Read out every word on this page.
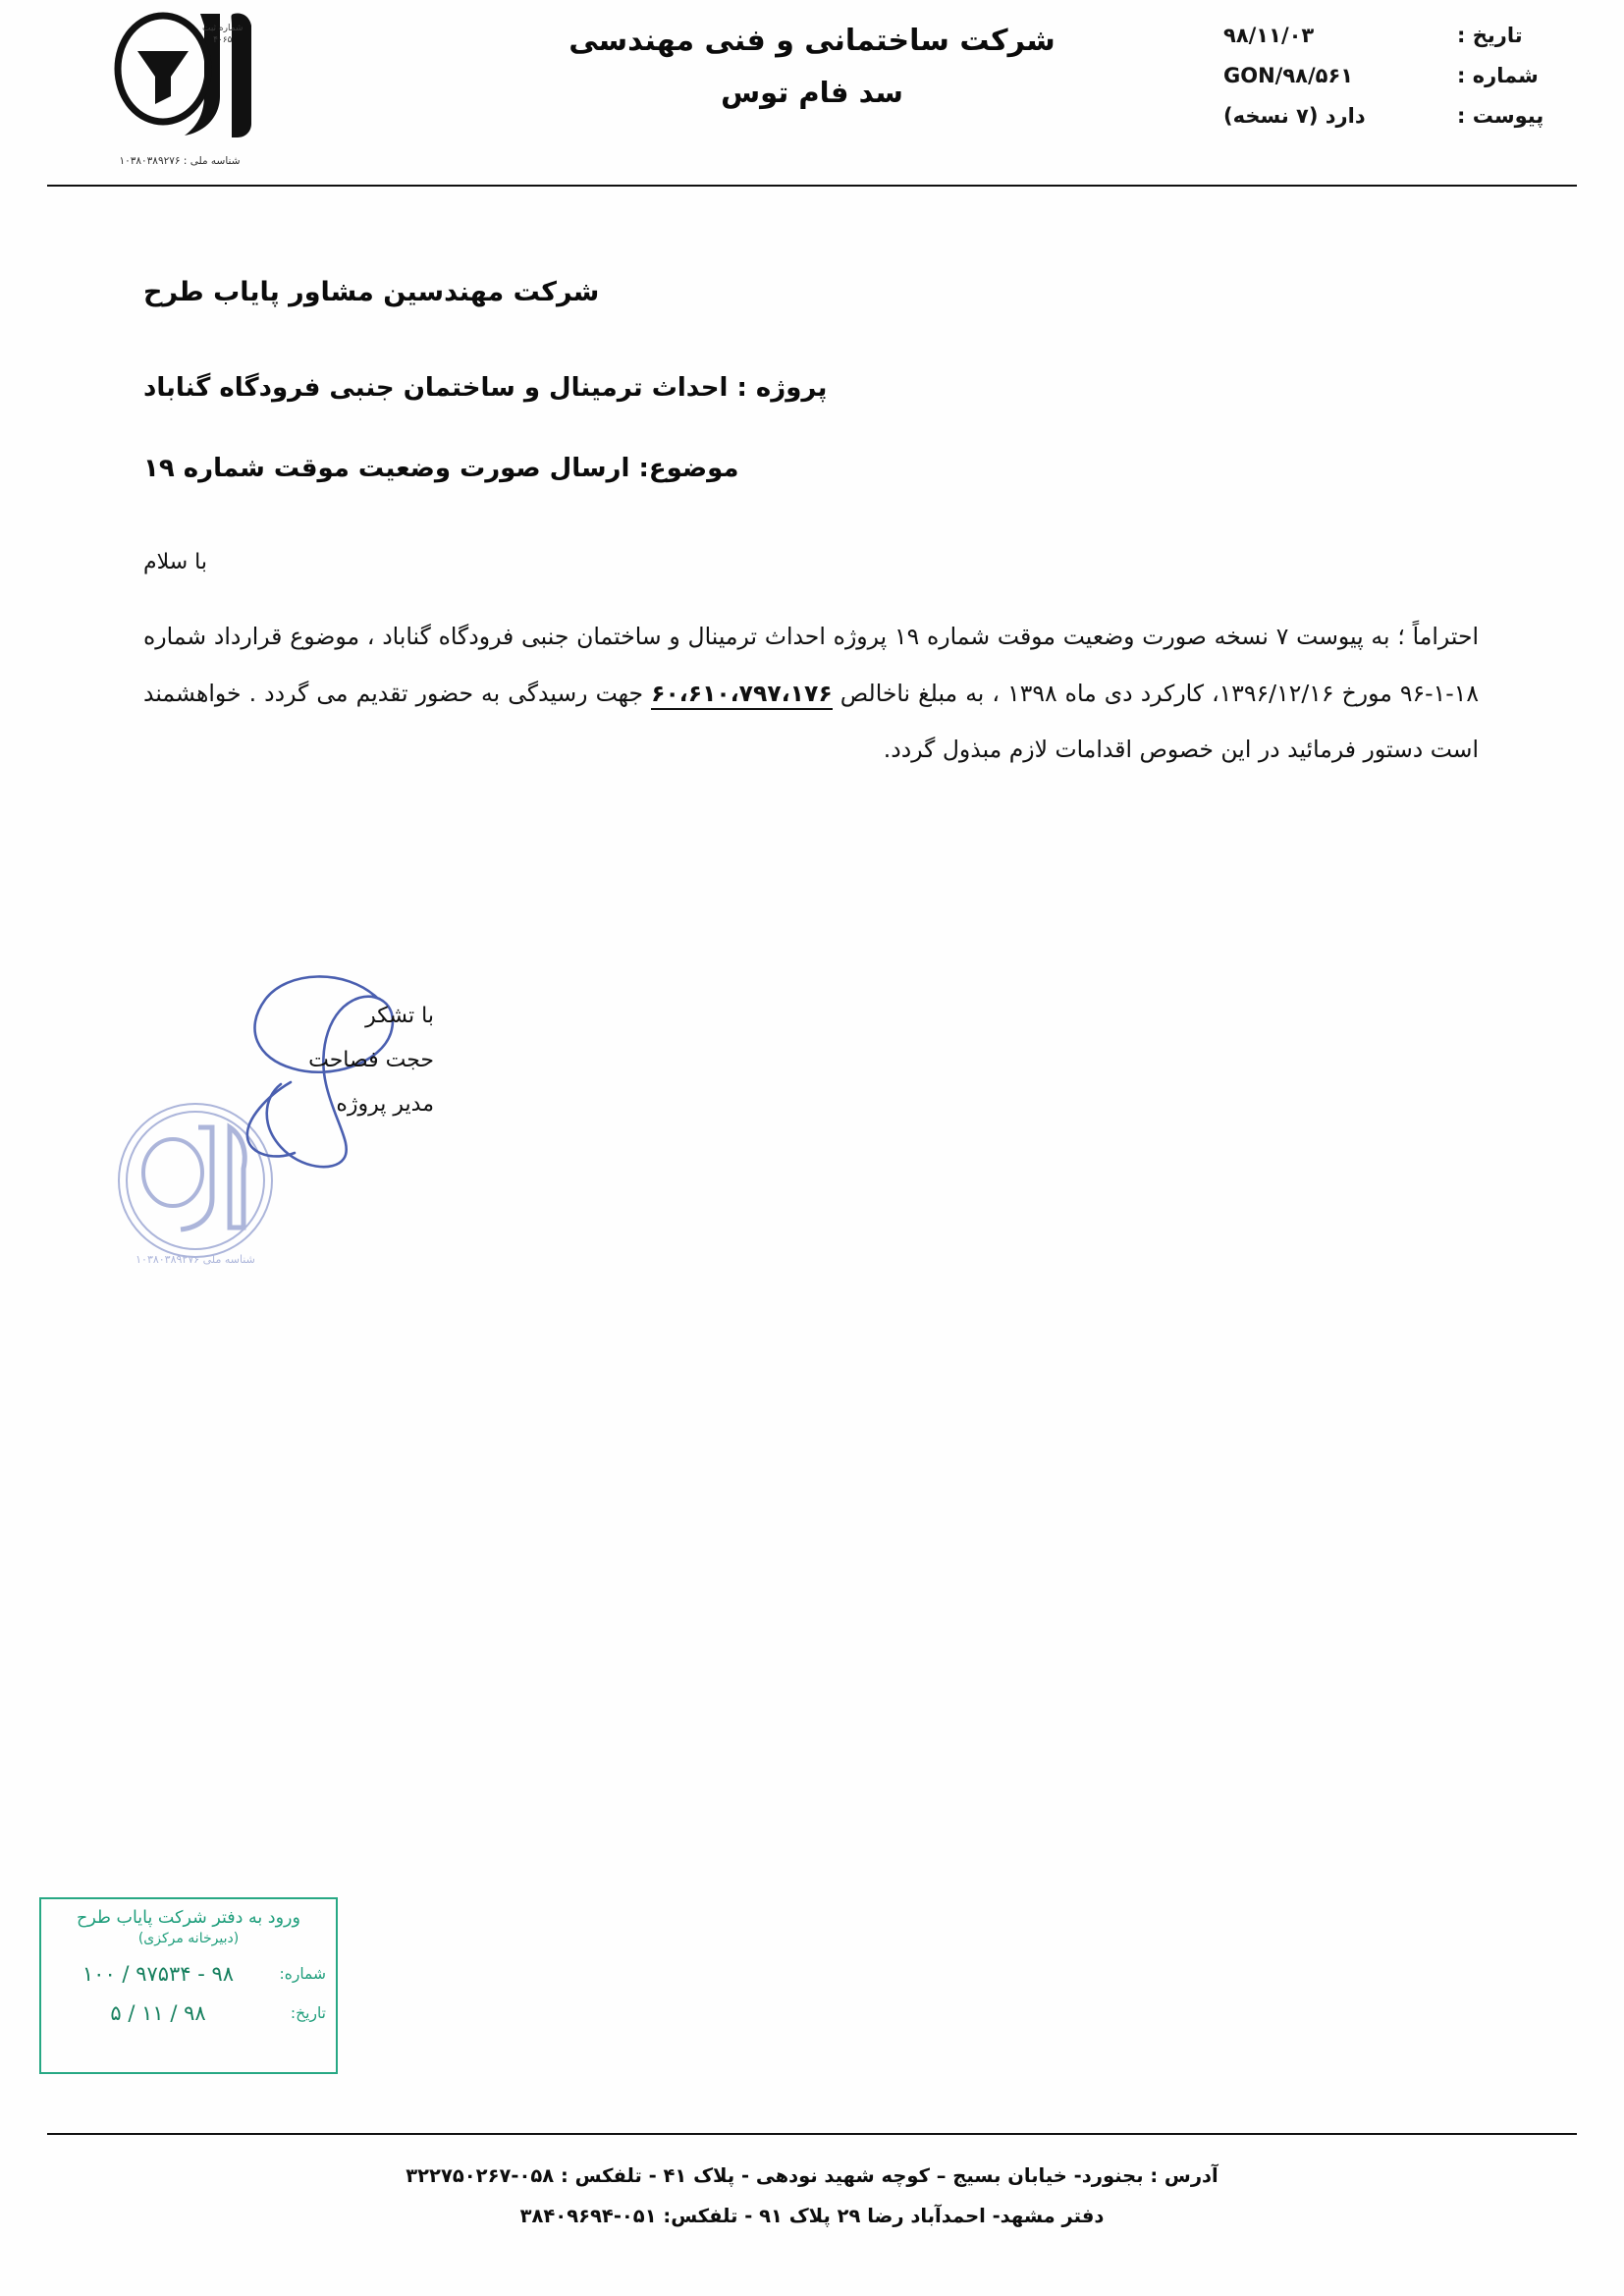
تاریخ :
۹۸/۱۱/۰۳
شماره :
GON/۹۸/۵۶۱
پیوست :
دارد (۷ نسخه)
شرکت ساختمانی و فنی مهندسی
سد فام توس
شماره ثبت
۴۰۶۵
شناسه ملی : ۱۰۳۸۰۳۸۹۲۷۶
شرکت مهندسین مشاور پایاب طرح
پروژه : احداث ترمینال و ساختمان جنبی فرودگاه گناباد
موضوع: ارسال صورت وضعیت موقت شماره ۱۹
با سلام
احتراماً ؛ به پیوست ۷ نسخه صورت وضعیت موقت شماره ۱۹ پروژه احداث ترمینال و ساختمان جنبی فرودگاه گناباد ، موضوع قرارداد شماره ۱۸-۱-۹۶ مورخ ۱۳۹۶/۱۲/۱۶، کارکرد دی ماه ۱۳۹۸ ، به مبلغ ناخالص ۶۰،۶۱۰،۷۹۷،۱۷۶ جهت رسیدگی به حضور تقدیم می گردد . خواهشمند است دستور فرمائید در این خصوص اقدامات لازم مبذول گردد.
شناسه ملی ۱۰۳۸۰۳۸۹۲۷۶
با تشکر
حجت فصاحت
مدیر پروژه
ورود به دفتر شرکت پایاب طرح
(دبیرخانه مرکزی)
شماره:
۹۸ - ۹۷۵۳۴ / ۱۰۰
تاریخ:
۹۸ / ۱۱ / ۵
آدرس : بجنورد- خیابان بسیج – کوچه شهید نودهی - پلاک ۴۱ - تلفکس : ۰۵۸-۳۲۲۷۵۰۲۶۷
دفتر مشهد- احمدآباد رضا ۲۹ پلاک ۹۱ - تلفکس: ۰۵۱-۳۸۴۰۹۶۹۴
